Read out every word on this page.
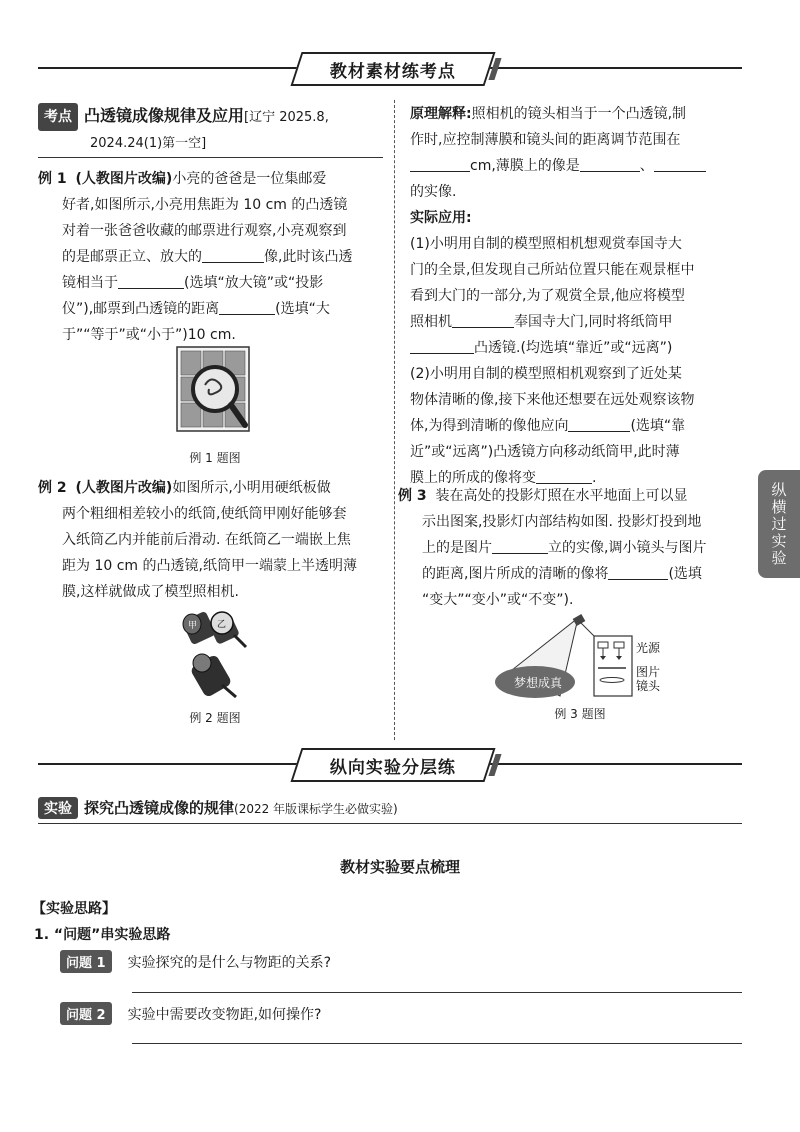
教材素材练考点

考点 凸透镜成像规律及应用[辽宁 2025.8,

2024.24(1)第一空]

例 1 (人教图片改编)小亮的爸爸是一位集邮爱

好者,如图所示,小亮用焦距为 10 cm 的凸透镜

对着一张爸爸收藏的邮票进行观察,小亮观察到

的是邮票正立、放大的	像,此时该凸透

镜相当于	(选填“放大镜”或“投影

仪”),邮票到凸透镜的距离	(选填“大

于”“等于”或“小于”)10 cm.

例 1 题图

例 2 (人教图片改编)如图所示,小明用硬纸板做

两个粗细相差较小的纸筒,使纸筒甲刚好能够套

入纸筒乙内并能前后滑动. 在纸筒乙一端嵌上焦

距为 10 cm 的凸透镜,纸筒甲一端蒙上半透明薄

膜,这样就做成了模型照相机.

甲 乙
例 2 题图

原理解释:照相机的镜头相当于一个凸透镜,制

作时,应控制薄膜和镜头间的距离调节范围在

cm,薄膜上的像是	、

的实像.

实际应用:

(1)小明用自制的模型照相机想观赏奉国寺大

门的全景,但发现自己所站位置只能在观景框中

看到大门的一部分,为了观赏全景,他应将模型

照相机	奉国寺大门,同时将纸筒甲

凸透镜.(均选填“靠近”或“远离”)

(2)小明用自制的模型照相机观察到了近处某

物体清晰的像,接下来他还想要在远处观察该物

体,为得到清晰的像他应向	(选填“靠

近”或“远离”)凸透镜方向移动纸筒甲,此时薄

膜上的所成的像将变	.

例 3 装在高处的投影灯照在水平地面上可以显

示出图案,投影灯内部结构如图. 投影灯投到地

上的是图片	立的实像,调小镜头与图片

的距离,图片所成的清晰的像将	(选填

“变大”“变小”或“不变”).

梦想成真
光源
图片
镜头
例 3 题图
纵横过实验
纵向实验分层练
实验 探究凸透镜成像的规律(2022 年版课标学生必做实验)
教材实验要点梳理
【实验思路】
1. “问题”串实验思路
问题 1	实验探究的是什么与物距的关系?
问题 2	实验中需要改变物距,如何操作?
